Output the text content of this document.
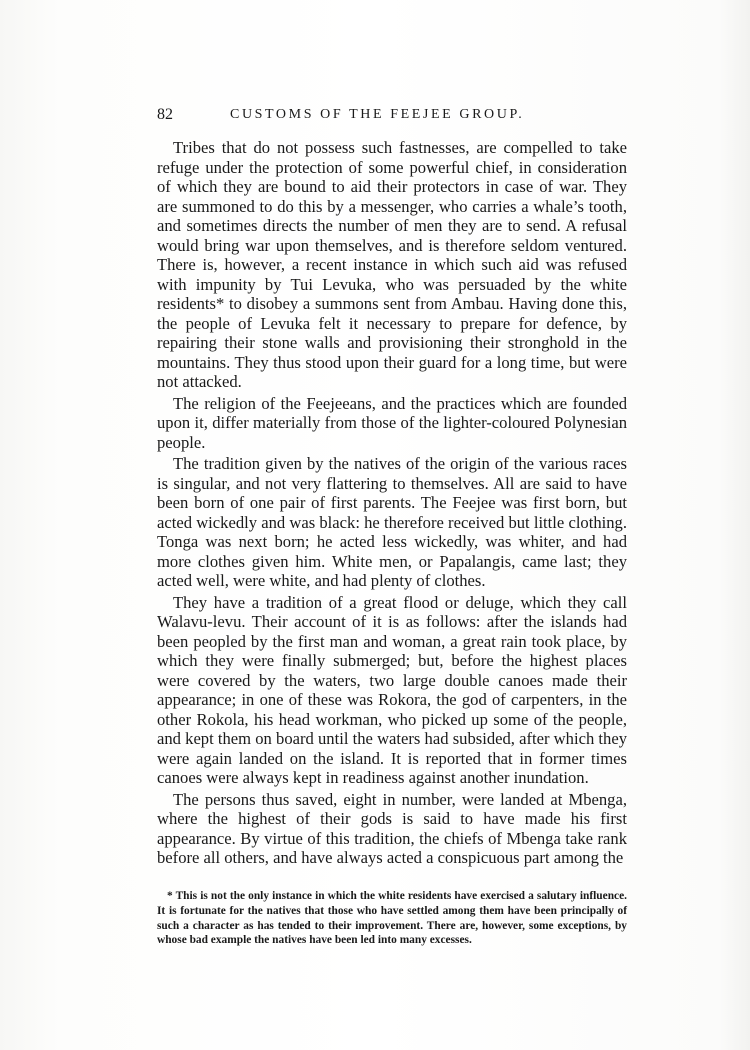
82	CUSTOMS OF THE FEEJEE GROUP.

Tribes that do not possess such fastnesses, are compelled to take refuge under the protection of some powerful chief, in consideration of which they are bound to aid their protectors in case of war. They are summoned to do this by a messenger, who carries a whale’s tooth, and sometimes directs the number of men they are to send. A refusal would bring war upon themselves, and is therefore seldom ventured. There is, however, a recent instance in which such aid was refused with impunity by Tui Levuka, who was persuaded by the white residents* to disobey a summons sent from Ambau. Having done this, the people of Levuka felt it necessary to prepare for defence, by repairing their stone walls and provisioning their stronghold in the mountains. They thus stood upon their guard for a long time, but were not attacked.

The religion of the Feejeeans, and the practices which are founded upon it, differ materially from those of the lighter-coloured Polynesian people.

The tradition given by the natives of the origin of the various races is singular, and not very flattering to themselves. All are said to have been born of one pair of first parents. The Feejee was first born, but acted wickedly and was black: he therefore received but little clothing. Tonga was next born; he acted less wickedly, was whiter, and had more clothes given him. White men, or Papalangis, came last; they acted well, were white, and had plenty of clothes.

They have a tradition of a great flood or deluge, which they call Walavu-levu. Their account of it is as follows: after the islands had been peopled by the first man and woman, a great rain took place, by which they were finally submerged; but, before the highest places were covered by the waters, two large double canoes made their appearance; in one of these was Rokora, the god of carpenters, in the other Rokola, his head workman, who picked up some of the people, and kept them on board until the waters had subsided, after which they were again landed on the island. It is reported that in former times canoes were always kept in readiness against another inundation.

The persons thus saved, eight in number, were landed at Mbenga, where the highest of their gods is said to have made his first appearance. By virtue of this tradition, the chiefs of Mbenga take rank before all others, and have always acted a conspicuous part among the

* This is not the only instance in which the white residents have exercised a salutary influence. It is fortunate for the natives that those who have settled among them have been principally of such a character as has tended to their improvement. There are, however, some exceptions, by whose bad example the natives have been led into many excesses.
